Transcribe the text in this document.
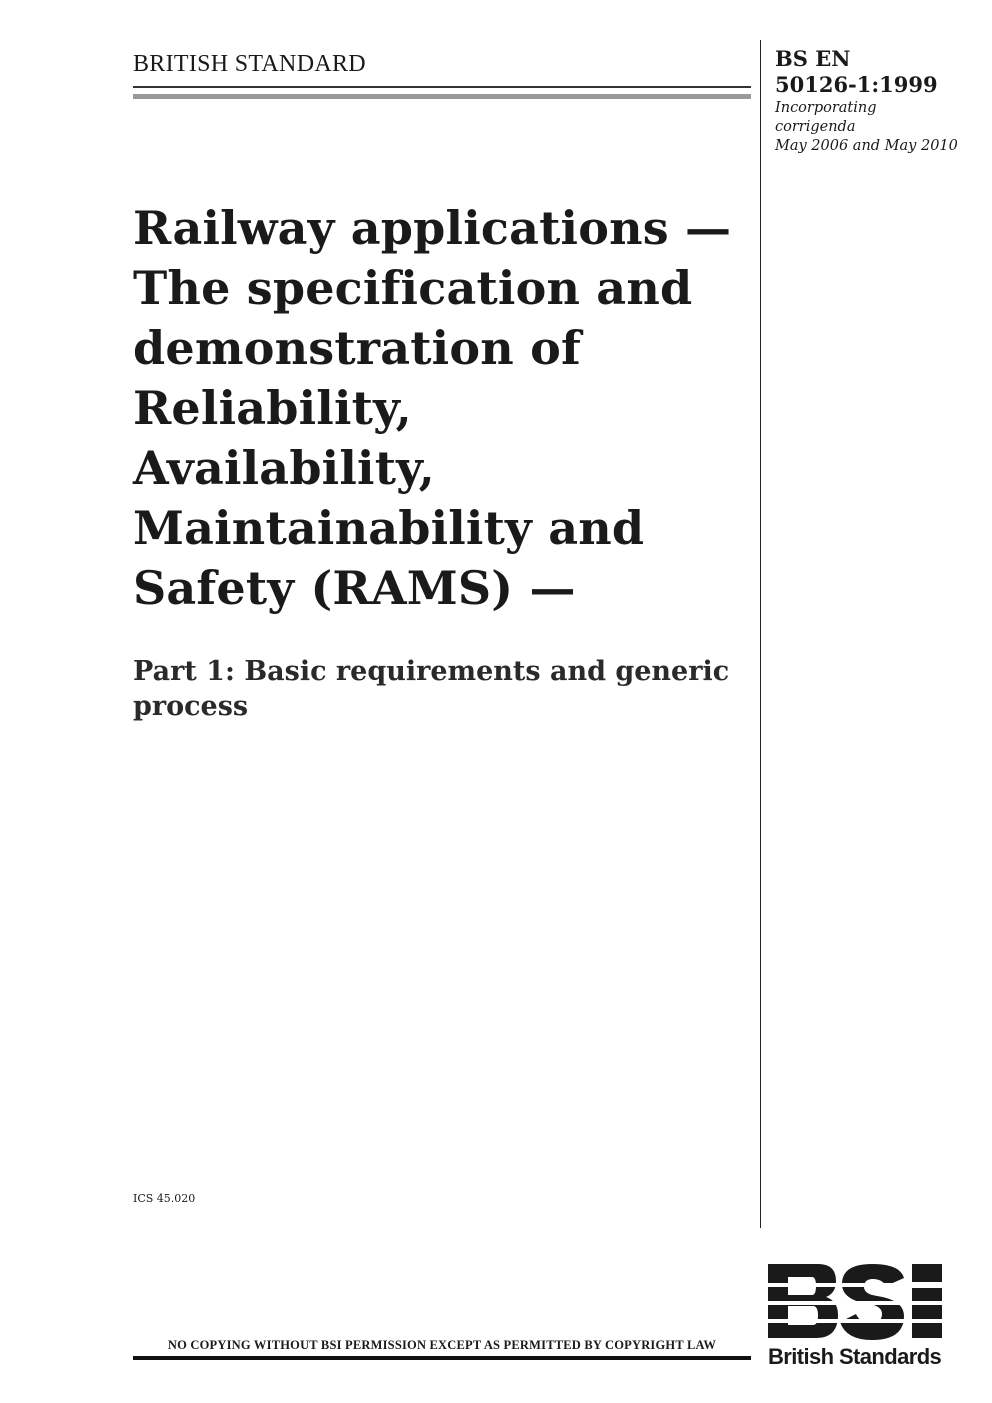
BRITISH STANDARD	BS EN
50126-1:1999
Incorporating
corrigenda
May 2006 and May 2010
Railway applications —
The specification and
demonstration of
Reliability,
Availability,
Maintainability and
Safety (RAMS) —
Part 1: Basic requirements and generic
process
ICS 45.020
NO COPYING WITHOUT BSI PERMISSION EXCEPT AS PERMITTED BY COPYRIGHT LAW	British Standards
